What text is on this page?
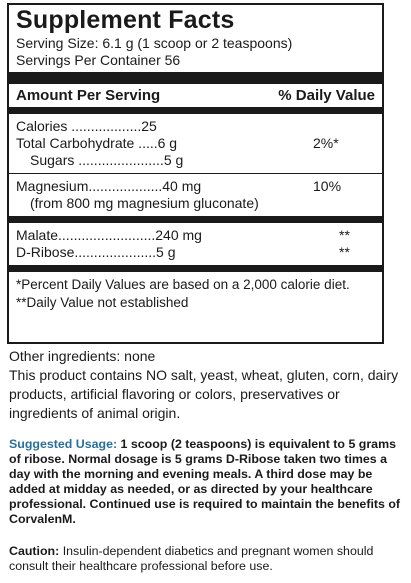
Supplement Facts
Serving Size: 6.1 g (1 scoop or 2 teaspoons)
Servings Per Container 56
Amount Per Serving	% Daily Value
Calories ..................25
Total Carbohydrate .....6 g	2%*
Sugars ......................5 g
Magnesium...................40 mg	10%
(from 800 mg magnesium gluconate)
Malate.........................240 mg	**
D-Ribose.....................5 g	**
*Percent Daily Values are based on a 2,000 calorie diet.
**Daily Value not established
Other ingredients: none
This product contains NO salt, yeast, wheat, gluten, corn, dairy products, artificial flavoring or colors, preservatives or ingredients of animal origin.
Suggested Usage: 1 scoop (2 teaspoons) is equivalent to 5 grams of ribose. Normal dosage is 5 grams D-Ribose taken two times a day with the morning and evening meals. A third dose may be added at midday as needed, or as directed by your healthcare professional. Continued use is required to maintain the benefits of CorvalenM.
Caution: Insulin-dependent diabetics and pregnant women should consult their healthcare professional before use.
